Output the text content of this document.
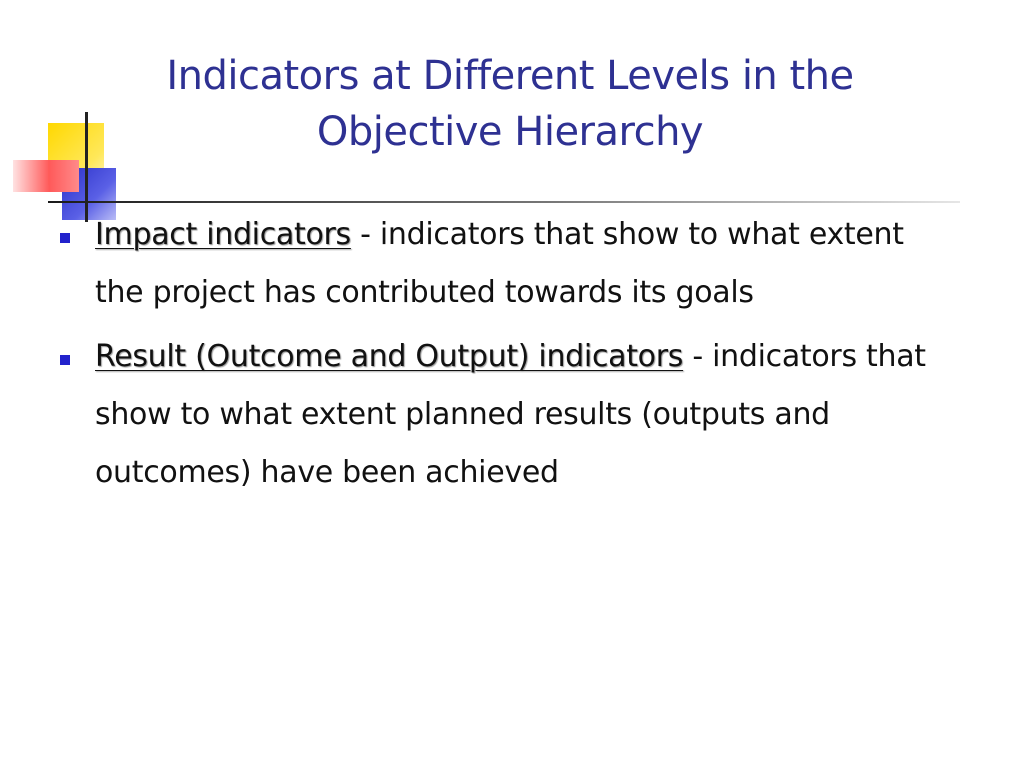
Indicators at Different Levels in the
Objective Hierarchy
Impact indicators - indicators that show to what extent the project has contributed towards its goals
Result (Outcome and Output) indicators - indicators that show to what extent planned results (outputs and outcomes) have been achieved
